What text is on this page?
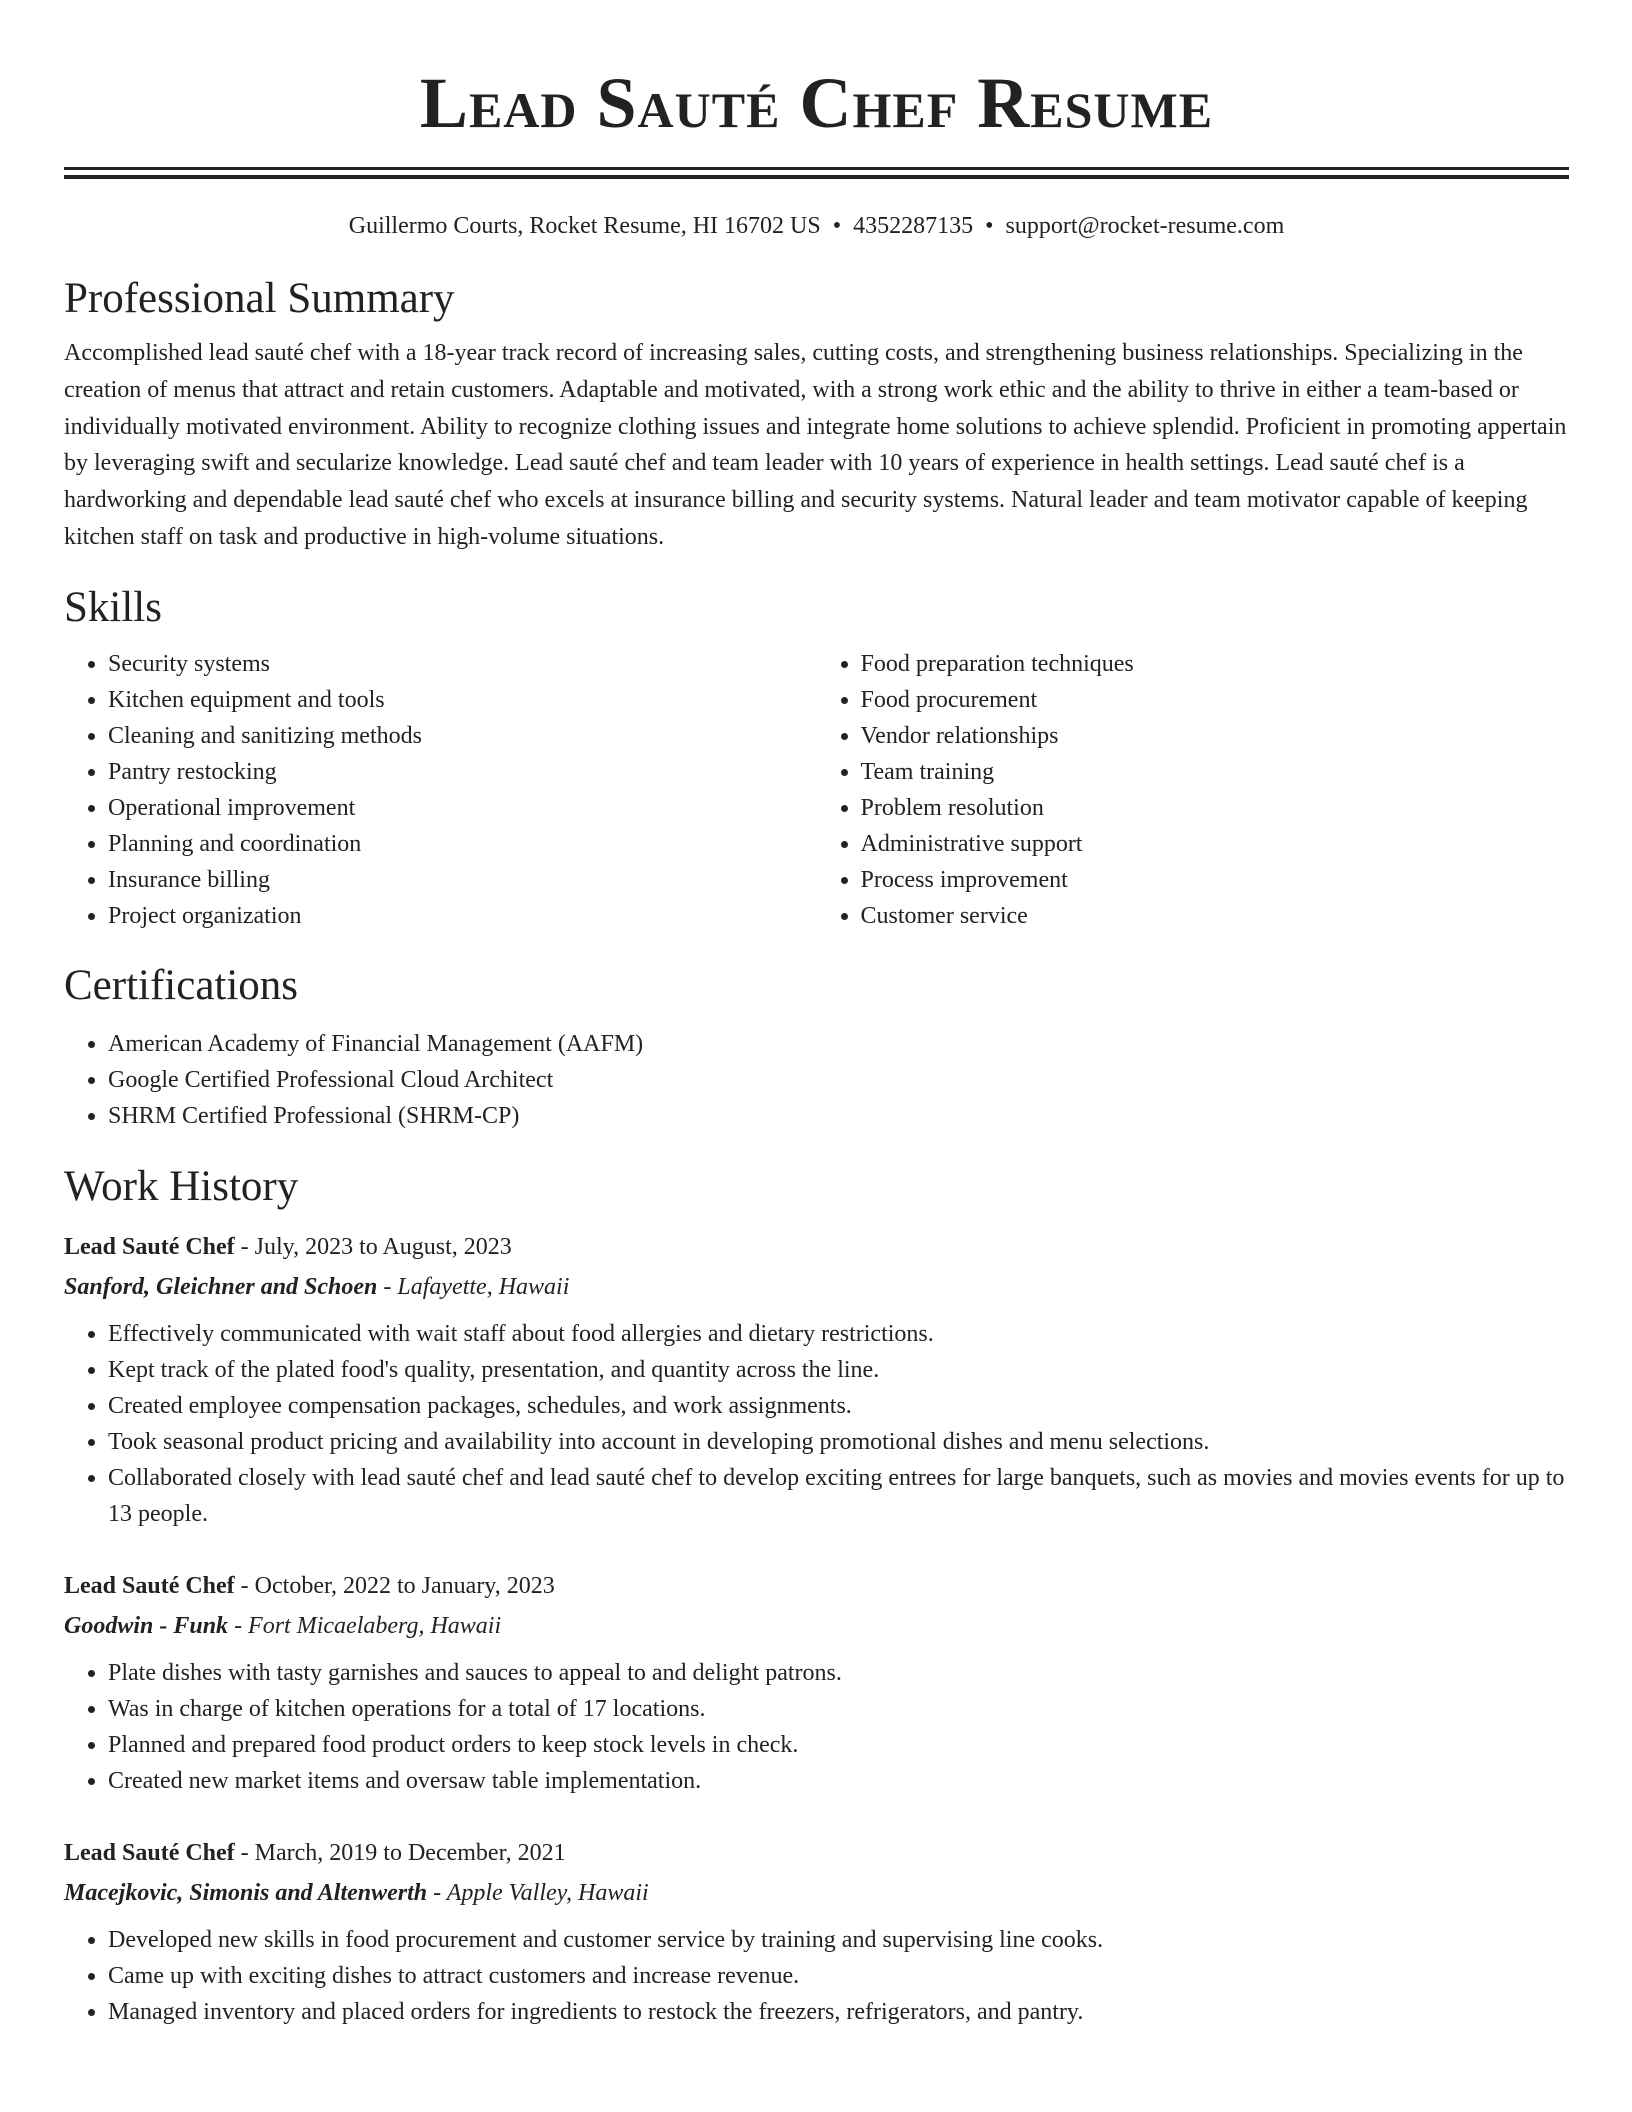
Lead Sauté Chef Resume
Guillermo Courts, Rocket Resume, HI 16702 US • 4352287135 • support@rocket-resume.com
Professional Summary

Accomplished lead sauté chef with a 18-year track record of increasing sales, cutting costs, and strengthening business relationships. Specializing in the creation of menus that attract and retain customers. Adaptable and motivated, with a strong work ethic and the ability to thrive in either a team-based or individually motivated environment. Ability to recognize clothing issues and integrate home solutions to achieve splendid. Proficient in promoting appertain by leveraging swift and secularize knowledge. Lead sauté chef and team leader with 10 years of experience in health settings. Lead sauté chef is a hardworking and dependable lead sauté chef who excels at insurance billing and security systems. Natural leader and team motivator capable of keeping kitchen staff on task and productive in high-volume situations.

Skills
• Security systems
• Kitchen equipment and tools
• Cleaning and sanitizing methods
• Pantry restocking
• Operational improvement
• Planning and coordination
• Insurance billing
• Project organization
• Food preparation techniques
• Food procurement
• Vendor relationships
• Team training
• Problem resolution
• Administrative support
• Process improvement
• Customer service
Certifications
• American Academy of Financial Management (AAFM)
• Google Certified Professional Cloud Architect
• SHRM Certified Professional (SHRM-CP)
Work History
Lead Sauté Chef - July, 2023 to August, 2023
Sanford, Gleichner and Schoen - Lafayette, Hawaii
• Effectively communicated with wait staff about food allergies and dietary restrictions.
• Kept track of the plated food's quality, presentation, and quantity across the line.
• Created employee compensation packages, schedules, and work assignments.
• Took seasonal product pricing and availability into account in developing promotional dishes and menu selections.
• Collaborated closely with lead sauté chef and lead sauté chef to develop exciting entrees for large banquets, such as movies and movies events for up to 13 people.
Lead Sauté Chef - October, 2022 to January, 2023
Goodwin - Funk - Fort Micaelaberg, Hawaii
• Plate dishes with tasty garnishes and sauces to appeal to and delight patrons.
• Was in charge of kitchen operations for a total of 17 locations.
• Planned and prepared food product orders to keep stock levels in check.
• Created new market items and oversaw table implementation.
Lead Sauté Chef - March, 2019 to December, 2021
Macejkovic, Simonis and Altenwerth - Apple Valley, Hawaii
• Developed new skills in food procurement and customer service by training and supervising line cooks.
• Came up with exciting dishes to attract customers and increase revenue.
• Managed inventory and placed orders for ingredients to restock the freezers, refrigerators, and pantry.
